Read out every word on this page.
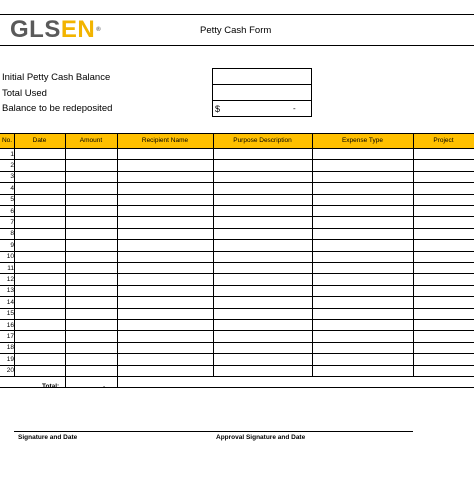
GLSEN®	Petty Cash Form
Initial Petty Cash Balance
Total Used
Balance to be redeposited	$	-
No.	Date	Amount	Recipient Name	Purpose Description	Expense Type	Project
1
2
3
4
5
6
7
8
9
10
11
12
13
14
15
16
17
18
19
20
Total:	-
Signature and Date	Approval Signature and Date
